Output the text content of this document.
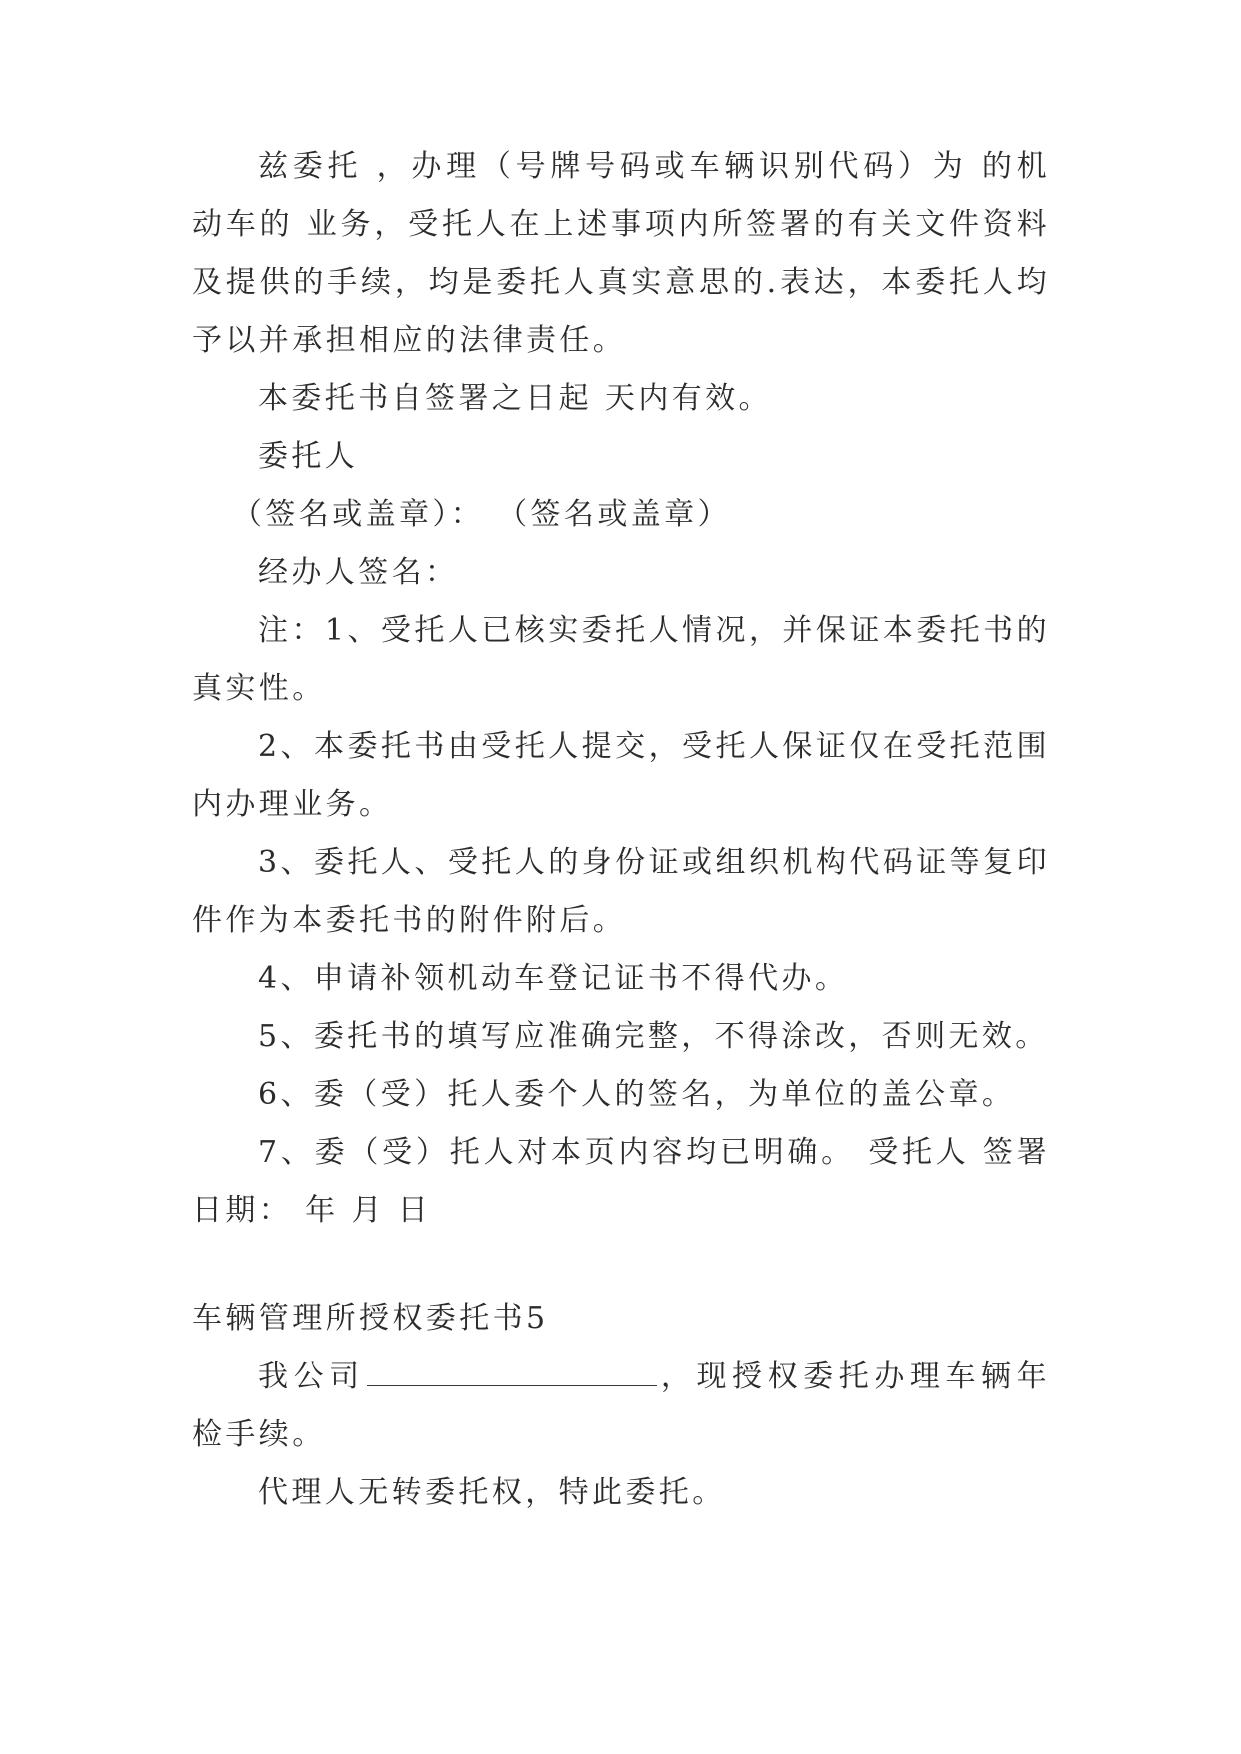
兹委托 ，办理（号牌号码或车辆识别代码）为 的机动车的 业务，受托人在上述事项内所签署的有关文件资料及提供的手续，均是委托人真实意思的.表达，本委托人均予以并承担相应的法律责任。

本委托书自签署之日起 天内有效。

委托人

（签名或盖章）： （签名或盖章）

经办人签名：

注：1、受托人已核实委托人情况，并保证本委托书的真实性。

2、本委托书由受托人提交，受托人保证仅在受托范围内办理业务。

3、委托人、受托人的身份证或组织机构代码证等复印件作为本委托书的附件附后。

4、申请补领机动车登记证书不得代办。

5、委托书的填写应准确完整，不得涂改，否则无效。

6、委（受）托人委个人的签名，为单位的盖公章。

7、委（受）托人对本页内容均已明确。 受托人 签署日期： 年 月 日

车辆管理所授权委托书5

我公司	，现授权委托办理车辆年检手续。

代理人无转委托权，特此委托。
